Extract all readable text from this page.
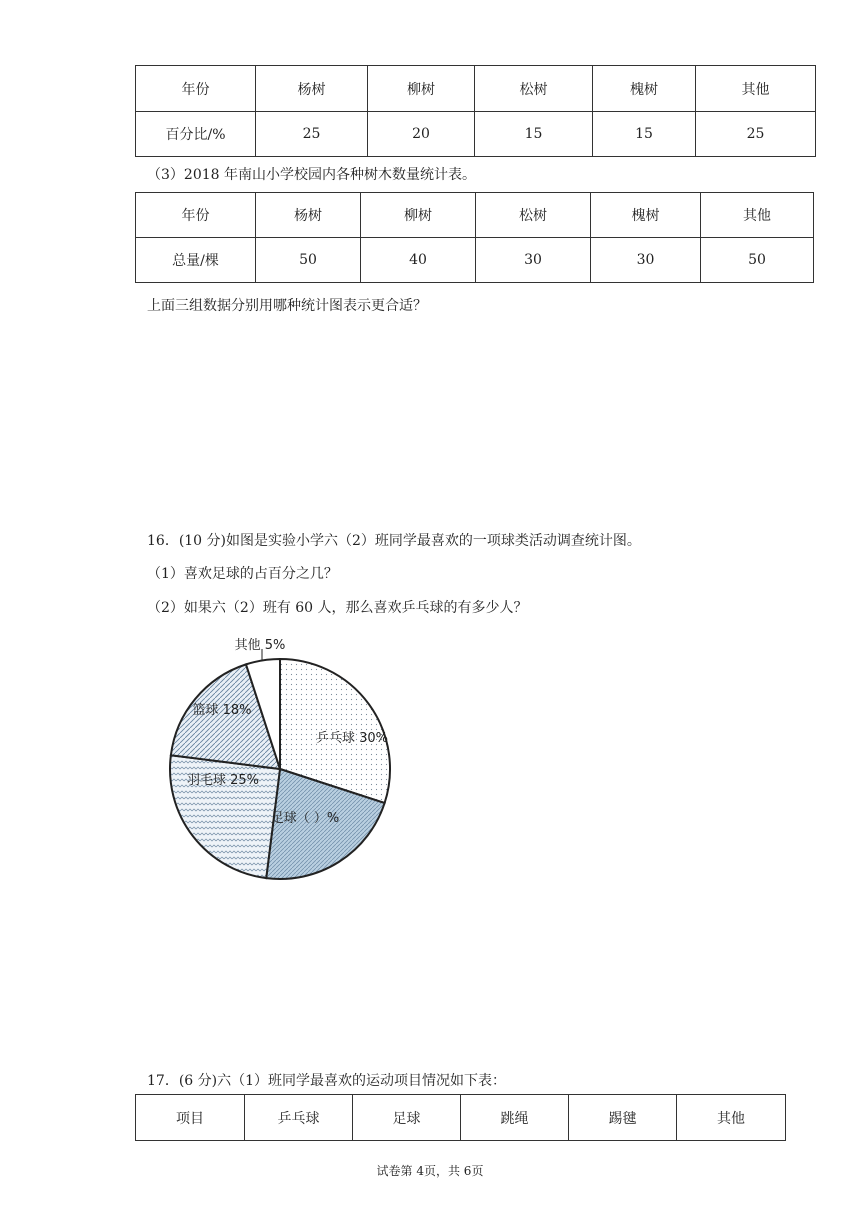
年份	杨树	柳树	松树	槐树	其他
百分比/%	25	20	15	15	25
（3）2018 年南山小学校园内各种树木数量统计表。
年份	杨树	柳树	松树	槐树	其他
总量/棵	50	40	30	30	50
上面三组数据分别用哪种统计图表示更合适？
16．(10 分)如图是实验小学六（2）班同学最喜欢的一项球类活动调查统计图。
（1）喜欢足球的占百分之几？
（2）如果六（2）班有 60 人，那么喜欢乒乓球的有多少人？
乒乓球 30%
足球（ ）%
羽毛球 25%
篮球 18%
其他 5%
项目	乒乓球	足球	跳绳	踢毽	其他
17．(6 分)六（1）班同学最喜欢的运动项目情况如下表：
试卷第 4页，共 6页
